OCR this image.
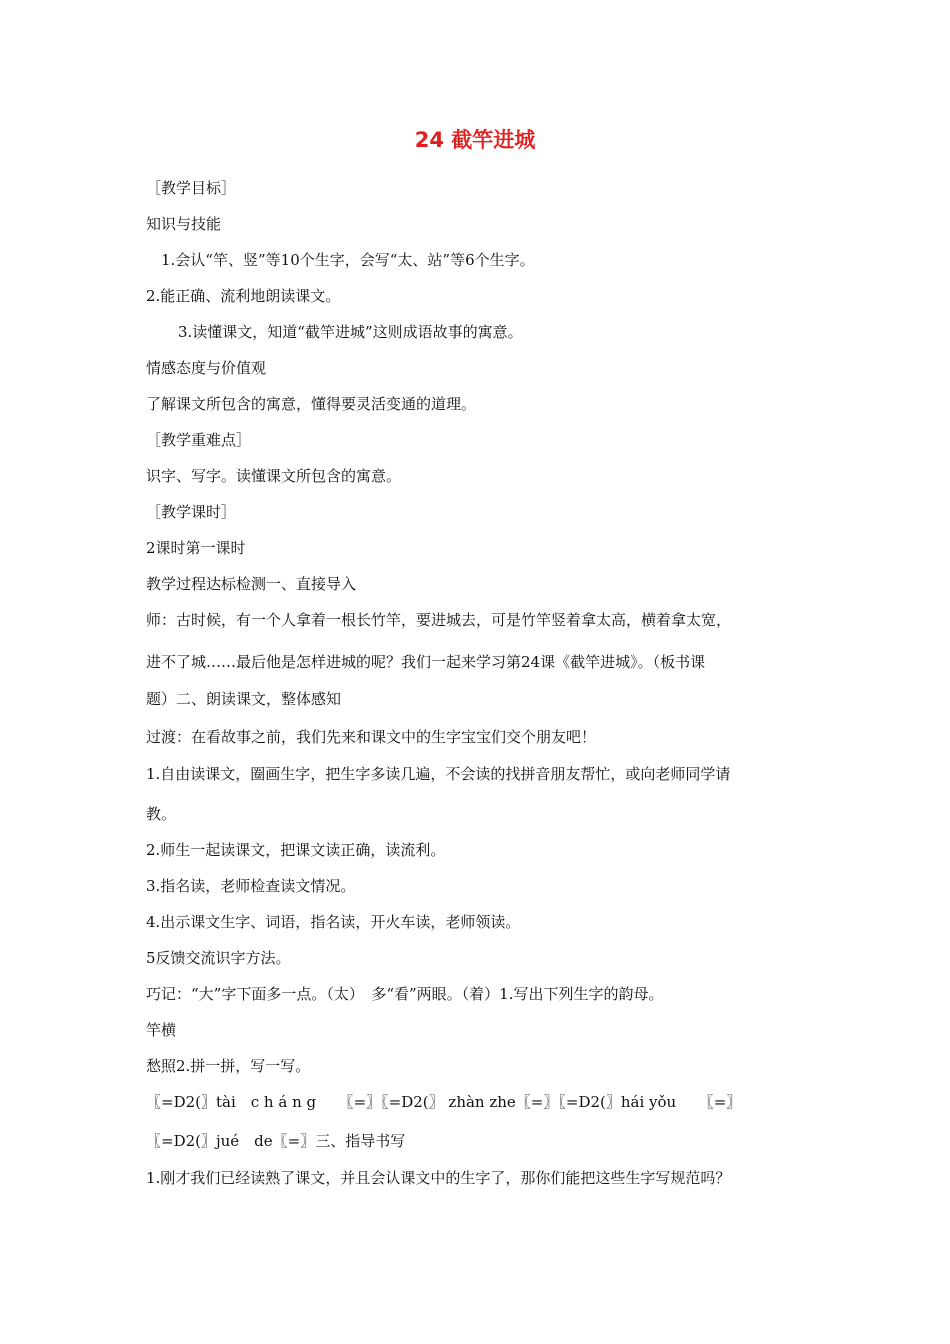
24 截竿进城
［教学目标］
知识与技能
1.会认“竿、竖”等10个生字，会写“太、站”等6个生字。
2.能正确、流利地朗读课文。
3.读懂课文，知道“截竿进城”这则成语故事的寓意。
情感态度与价值观
了解课文所包含的寓意，懂得要灵活变通的道理。
［教学重难点］
识字、写字。读懂课文所包含的寓意。
［教学课时］
2课时第一课时
教学过程达标检测一、直接导入
师：古时候，有一个人拿着一根长竹竿，要进城去，可是竹竿竖着拿太高，横着拿太宽，
进不了城……最后他是怎样进城的呢？我们一起来学习第24课《截竿进城》。（板书课
题）二、朗读课文，整体感知
过渡：在看故事之前，我们先来和课文中的生字宝宝们交个朋友吧！
1.自由读课文，圈画生字，把生字多读几遍，不会读的找拼音朋友帮忙，或向老师同学请
教。
2.师生一起读课文，把课文读正确，读流利。
3.指名读，老师检查读文情况。
4.出示课文生字、词语，指名读，开火车读，老师领读。
5反馈交流识字方法。
巧记：“大”字下面多一点。（太）　多“看”两眼。（着）1.写出下列生字的韵母。
竿横
愁照2.拼一拼，写一写。
〖=D2(〗tài　c h á n g　　〖=〗〖=D2(〗 zhàn zhe〖=〗〖=D2(〗hái yǒu　　〖=〗
〖=D2(〗jué　de〖=〗三、指导书写
1.刚才我们已经读熟了课文，并且会认课文中的生字了，那你们能把这些生字写规范吗？
